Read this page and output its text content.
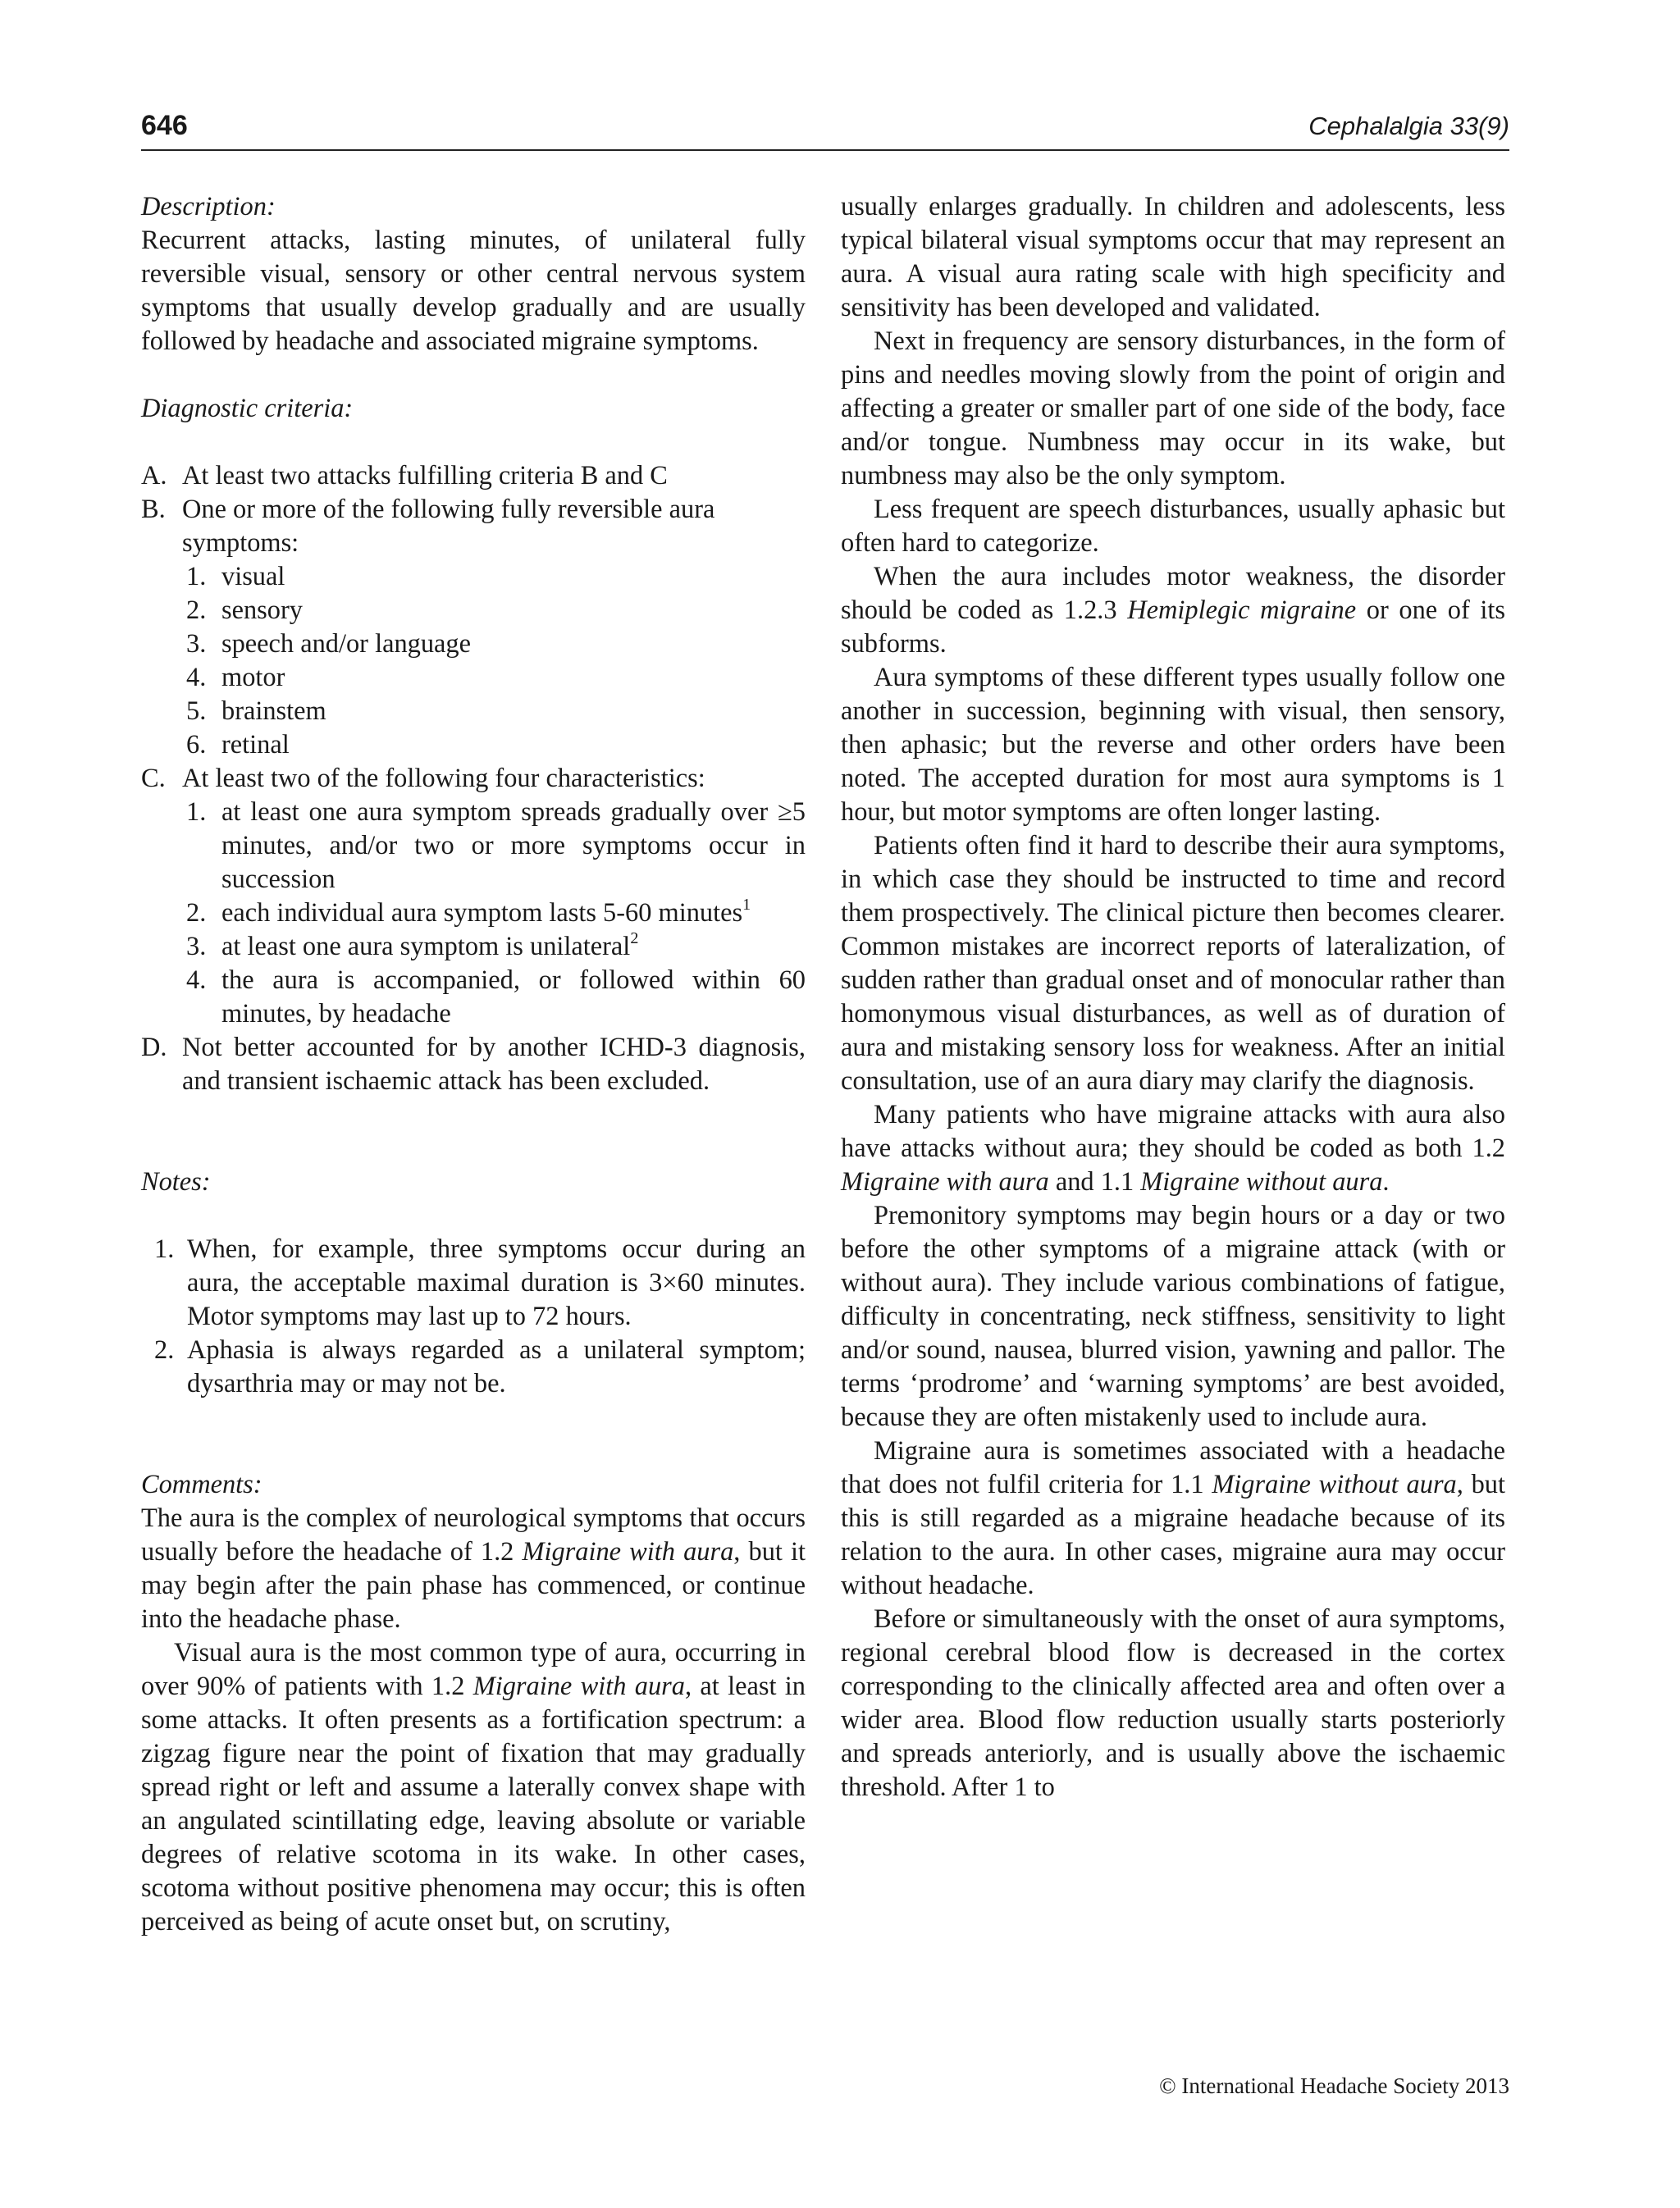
646	Cephalalgia 33(9)

Description:

Recurrent attacks, lasting minutes, of unilateral fully reversible visual, sensory or other central nervous system symptoms that usually develop gradually and are usually followed by headache and associated migraine symptoms.

Diagnostic criteria:

A. At least two attacks fulfilling criteria B and C
B. One or more of the following fully reversible aura symptoms:
1. visual
2. sensory
3. speech and/or language
4. motor
5. brainstem
6. retinal
C. At least two of the following four characteristics:
1. at least one aura symptom spreads gradually over ≥5 minutes, and/or two or more symptoms occur in succession
2. each individual aura symptom lasts 5-60 minutes$^1$
3. at least one aura symptom is unilateral$^2$
4. the aura is accompanied, or followed within 60 minutes, by headache
D. Not better accounted for by another ICHD-3 diagnosis, and transient ischaemic attack has been excluded.

Notes:

1. When, for example, three symptoms occur during an aura, the acceptable maximal duration is 3×60 minutes. Motor symptoms may last up to 72 hours.
2. Aphasia is always regarded as a unilateral symptom; dysarthria may or may not be.

Comments:

The aura is the complex of neurological symptoms that occurs usually before the headache of 1.2 Migraine with aura, but it may begin after the pain phase has commenced, or continue into the headache phase.

Visual aura is the most common type of aura, occurring in over 90% of patients with 1.2 Migraine with aura, at least in some attacks. It often presents as a fortification spectrum: a zigzag figure near the point of fixation that may gradually spread right or left and assume a laterally convex shape with an angulated scintillating edge, leaving absolute or variable degrees of relative scotoma in its wake. In other cases, scotoma without positive phenomena may occur; this is often perceived as being of acute onset but, on scrutiny,

usually enlarges gradually. In children and adolescents, less typical bilateral visual symptoms occur that may represent an aura. A visual aura rating scale with high specificity and sensitivity has been developed and validated.

Next in frequency are sensory disturbances, in the form of pins and needles moving slowly from the point of origin and affecting a greater or smaller part of one side of the body, face and/or tongue. Numbness may occur in its wake, but numbness may also be the only symptom.

Less frequent are speech disturbances, usually aphasic but often hard to categorize.

When the aura includes motor weakness, the disorder should be coded as 1.2.3 Hemiplegic migraine or one of its subforms.

Aura symptoms of these different types usually follow one another in succession, beginning with visual, then sensory, then aphasic; but the reverse and other orders have been noted. The accepted duration for most aura symptoms is 1 hour, but motor symptoms are often longer lasting.

Patients often find it hard to describe their aura symptoms, in which case they should be instructed to time and record them prospectively. The clinical picture then becomes clearer. Common mistakes are incorrect reports of lateralization, of sudden rather than gradual onset and of monocular rather than homonymous visual disturbances, as well as of duration of aura and mistaking sensory loss for weakness. After an initial consultation, use of an aura diary may clarify the diagnosis.

Many patients who have migraine attacks with aura also have attacks without aura; they should be coded as both 1.2 Migraine with aura and 1.1 Migraine without aura.

Premonitory symptoms may begin hours or a day or two before the other symptoms of a migraine attack (with or without aura). They include various combinations of fatigue, difficulty in concentrating, neck stiffness, sensitivity to light and/or sound, nausea, blurred vision, yawning and pallor. The terms ‘prodrome’ and ‘warning symptoms’ are best avoided, because they are often mistakenly used to include aura.

Migraine aura is sometimes associated with a headache that does not fulfil criteria for 1.1 Migraine without aura, but this is still regarded as a migraine headache because of its relation to the aura. In other cases, migraine aura may occur without headache.

Before or simultaneously with the onset of aura symptoms, regional cerebral blood flow is decreased in the cortex corresponding to the clinically affected area and often over a wider area. Blood flow reduction usually starts posteriorly and spreads anteriorly, and is usually above the ischaemic threshold. After 1 to

© International Headache Society 2013
